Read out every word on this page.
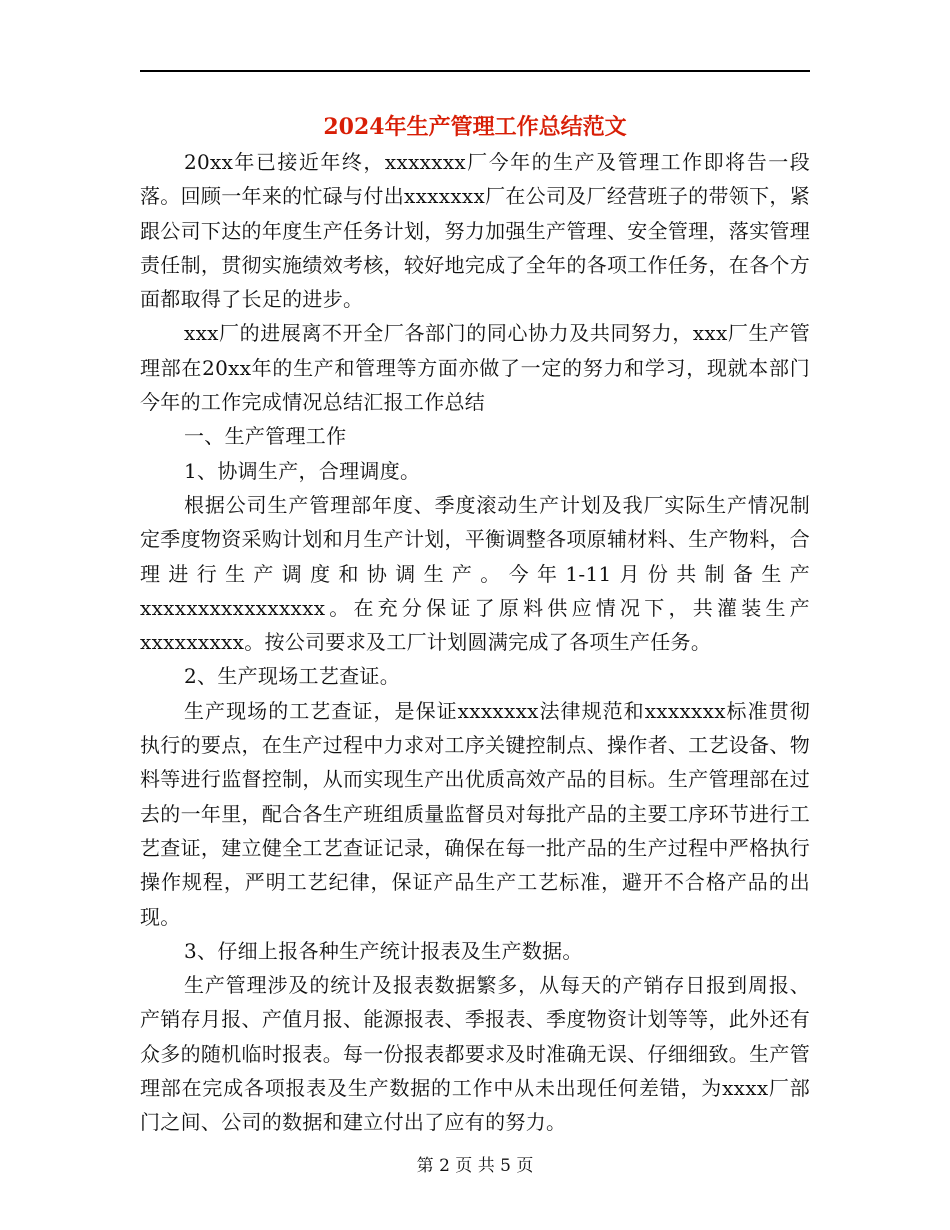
2024年生产管理工作总结范文

20xx年已接近年终，xxxxxxx厂今年的生产及管理工作即将告一段落。回顾一年来的忙碌与付出xxxxxxx厂在公司及厂经营班子的带领下，紧跟公司下达的年度生产任务计划，努力加强生产管理、安全管理，落实管理责任制，贯彻实施绩效考核，较好地完成了全年的各项工作任务，在各个方面都取得了长足的进步。

xxx厂的进展离不开全厂各部门的同心协力及共同努力，xxx厂生产管理部在20xx年的生产和管理等方面亦做了一定的努力和学习，现就本部门今年的工作完成情况总结汇报工作总结

一、生产管理工作

1、协调生产，合理调度。

根据公司生产管理部年度、季度滚动生产计划及我厂实际生产情况制定季度物资采购计划和月生产计划，平衡调整各项原辅材料、生产物料，合理进行生产调度和协调生产。今年1-11月份共制备生产xxxxxxxxxxxxxxxx。在充分保证了原料供应情况下，共灌装生产xxxxxxxxx。按公司要求及工厂计划圆满完成了各项生产任务。

2、生产现场工艺查证。

生产现场的工艺查证，是保证xxxxxxx法律规范和xxxxxxx标准贯彻执行的要点，在生产过程中力求对工序关键控制点、操作者、工艺设备、物料等进行监督控制，从而实现生产出优质高效产品的目标。生产管理部在过去的一年里，配合各生产班组质量监督员对每批产品的主要工序环节进行工艺查证，建立健全工艺查证记录，确保在每一批产品的生产过程中严格执行操作规程，严明工艺纪律，保证产品生产工艺标准，避开不合格产品的出现。

3、仔细上报各种生产统计报表及生产数据。

生产管理涉及的统计及报表数据繁多，从每天的产销存日报到周报、产销存月报、产值月报、能源报表、季报表、季度物资计划等等，此外还有众多的随机临时报表。每一份报表都要求及时准确无误、仔细细致。生产管理部在完成各项报表及生产数据的工作中从未出现任何差错，为xxxx厂部门之间、公司的数据和建立付出了应有的努力。

第 2 页 共 5 页
